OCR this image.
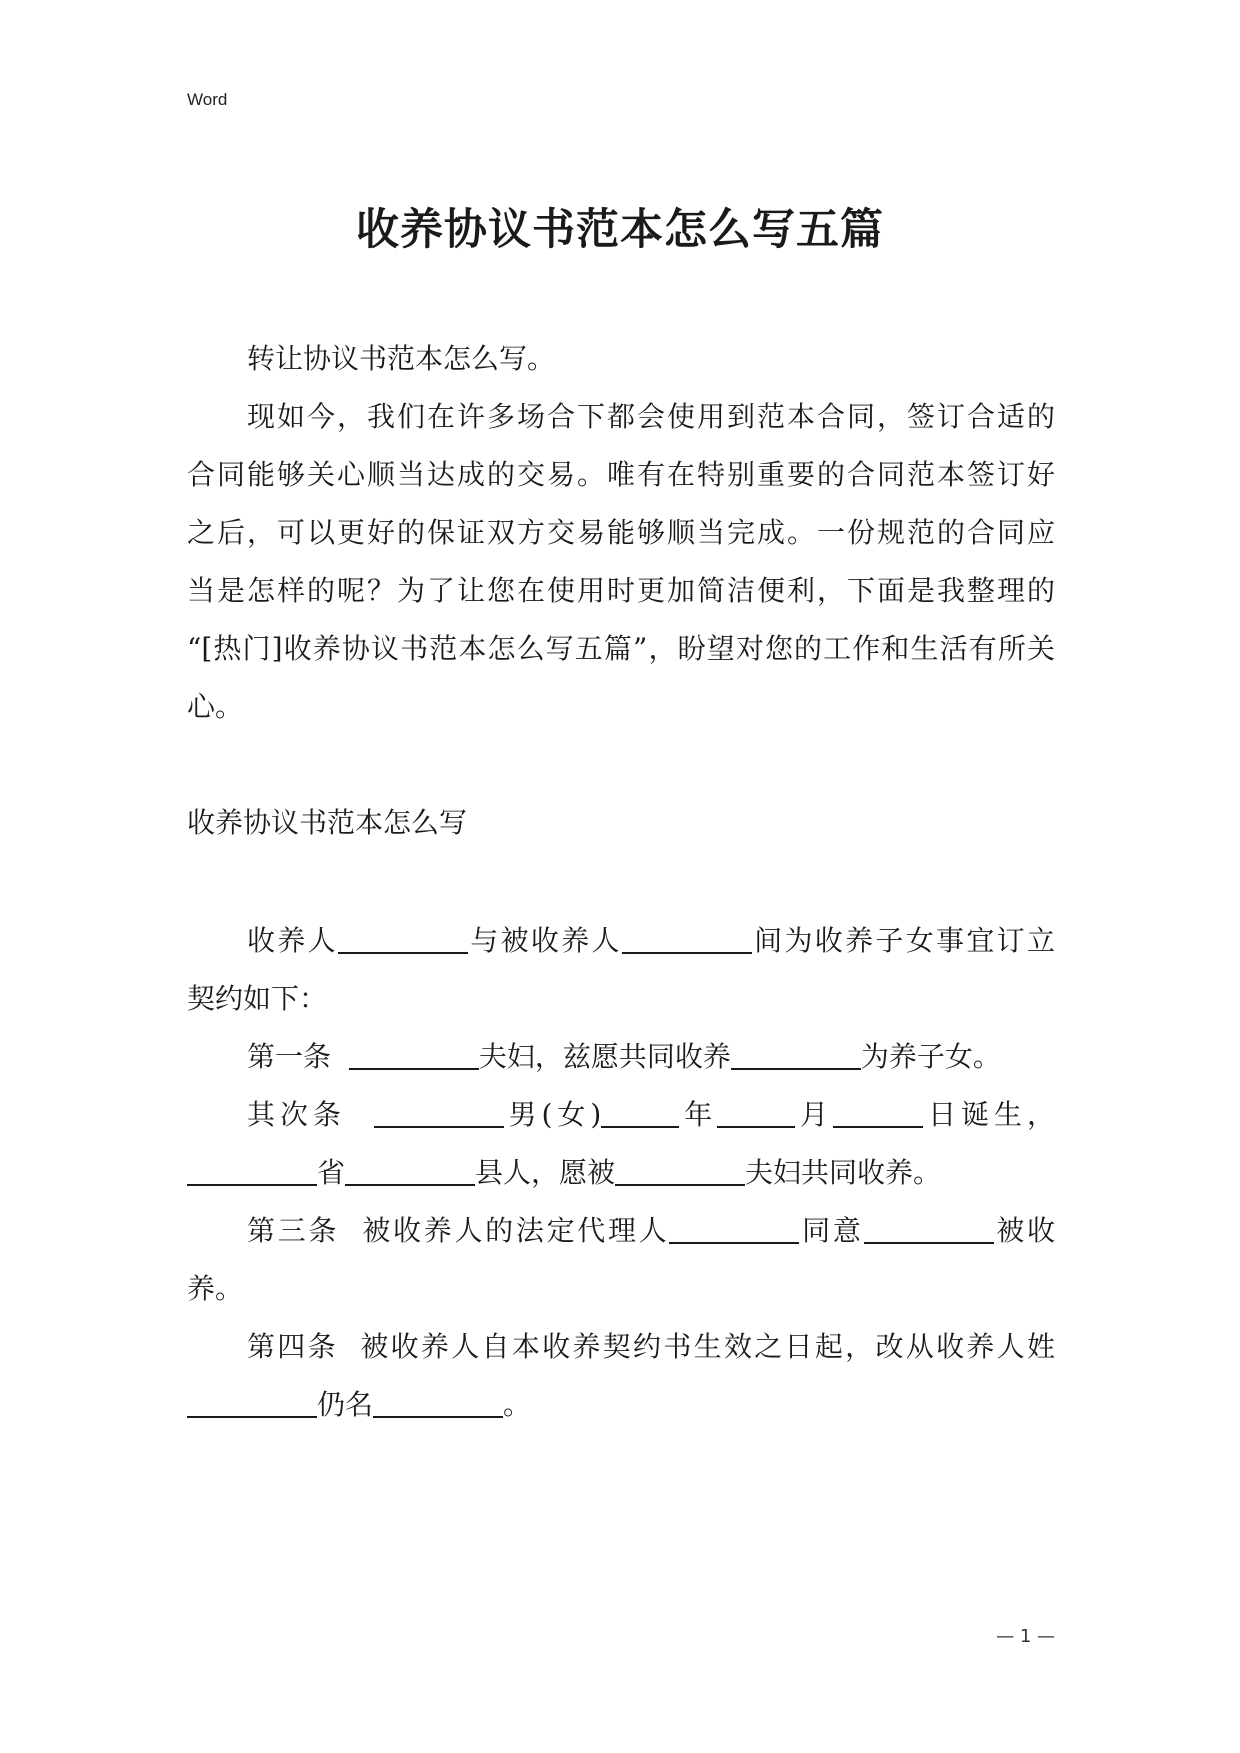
Word
收养协议书范本怎么写五篇
转让协议书范本怎么写。
现如今，我们在许多场合下都会使用到范本合同，签订合适的
合同能够关心顺当达成的交易。唯有在特别重要的合同范本签订好
之后，可以更好的保证双方交易能够顺当完成。一份规范的合同应
当是怎样的呢？为了让您在使用时更加简洁便利，下面是我整理的
“[热门]收养协议书范本怎么写五篇”，盼望对您的工作和生活有所关
心。
收养协议书范本怎么写
收养人	与被收养人	间为收养子女事宜订立
契约如下：
第一条	夫妇，兹愿共同收养	为养子女。
其次条	男(女)	年	月	日诞生，
省	县人，愿被	夫妇共同收养。
第三条 被收养人的法定代理人	同意	被收
养。
第四条 被收养人自本收养契约书生效之日起，改从收养人姓
仍名	。
— 1 —
